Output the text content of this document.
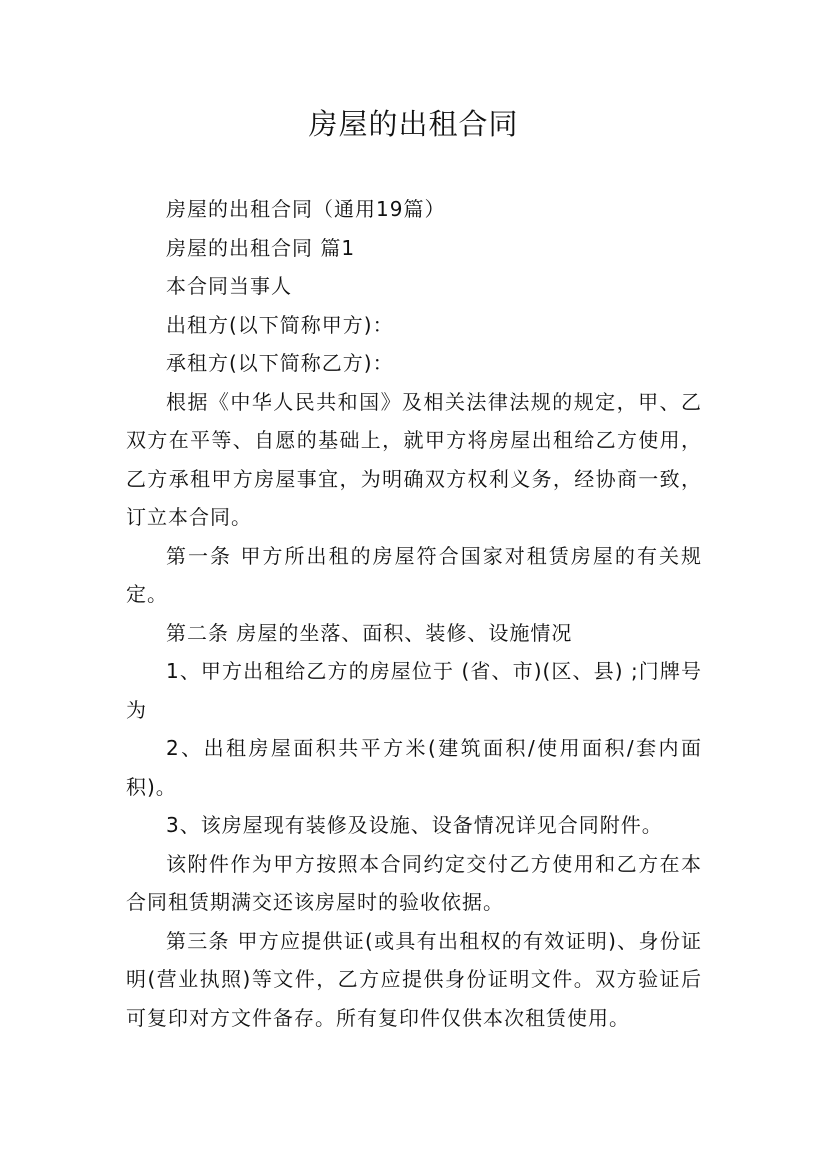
房屋的出租合同

房屋的出租合同（通用19篇）

房屋的出租合同 篇1

本合同当事人

出租方(以下简称甲方)：

承租方(以下简称乙方)：

根据《中华人民共和国》及相关法律法规的规定，甲、乙双方在平等、自愿的基础上，就甲方将房屋出租给乙方使用，乙方承租甲方房屋事宜，为明确双方权利义务，经协商一致，订立本合同。

第一条 甲方所出租的房屋符合国家对租赁房屋的有关规定。

第二条 房屋的坐落、面积、装修、设施情况

1、甲方出租给乙方的房屋位于 (省、市)(区、县) ;门牌号为

2、出租房屋面积共平方米(建筑面积/使用面积/套内面积)。

3、该房屋现有装修及设施、设备情况详见合同附件。

该附件作为甲方按照本合同约定交付乙方使用和乙方在本合同租赁期满交还该房屋时的验收依据。

第三条 甲方应提供证(或具有出租权的有效证明)、身份证明(营业执照)等文件，乙方应提供身份证明文件。双方验证后可复印对方文件备存。所有复印件仅供本次租赁使用。
